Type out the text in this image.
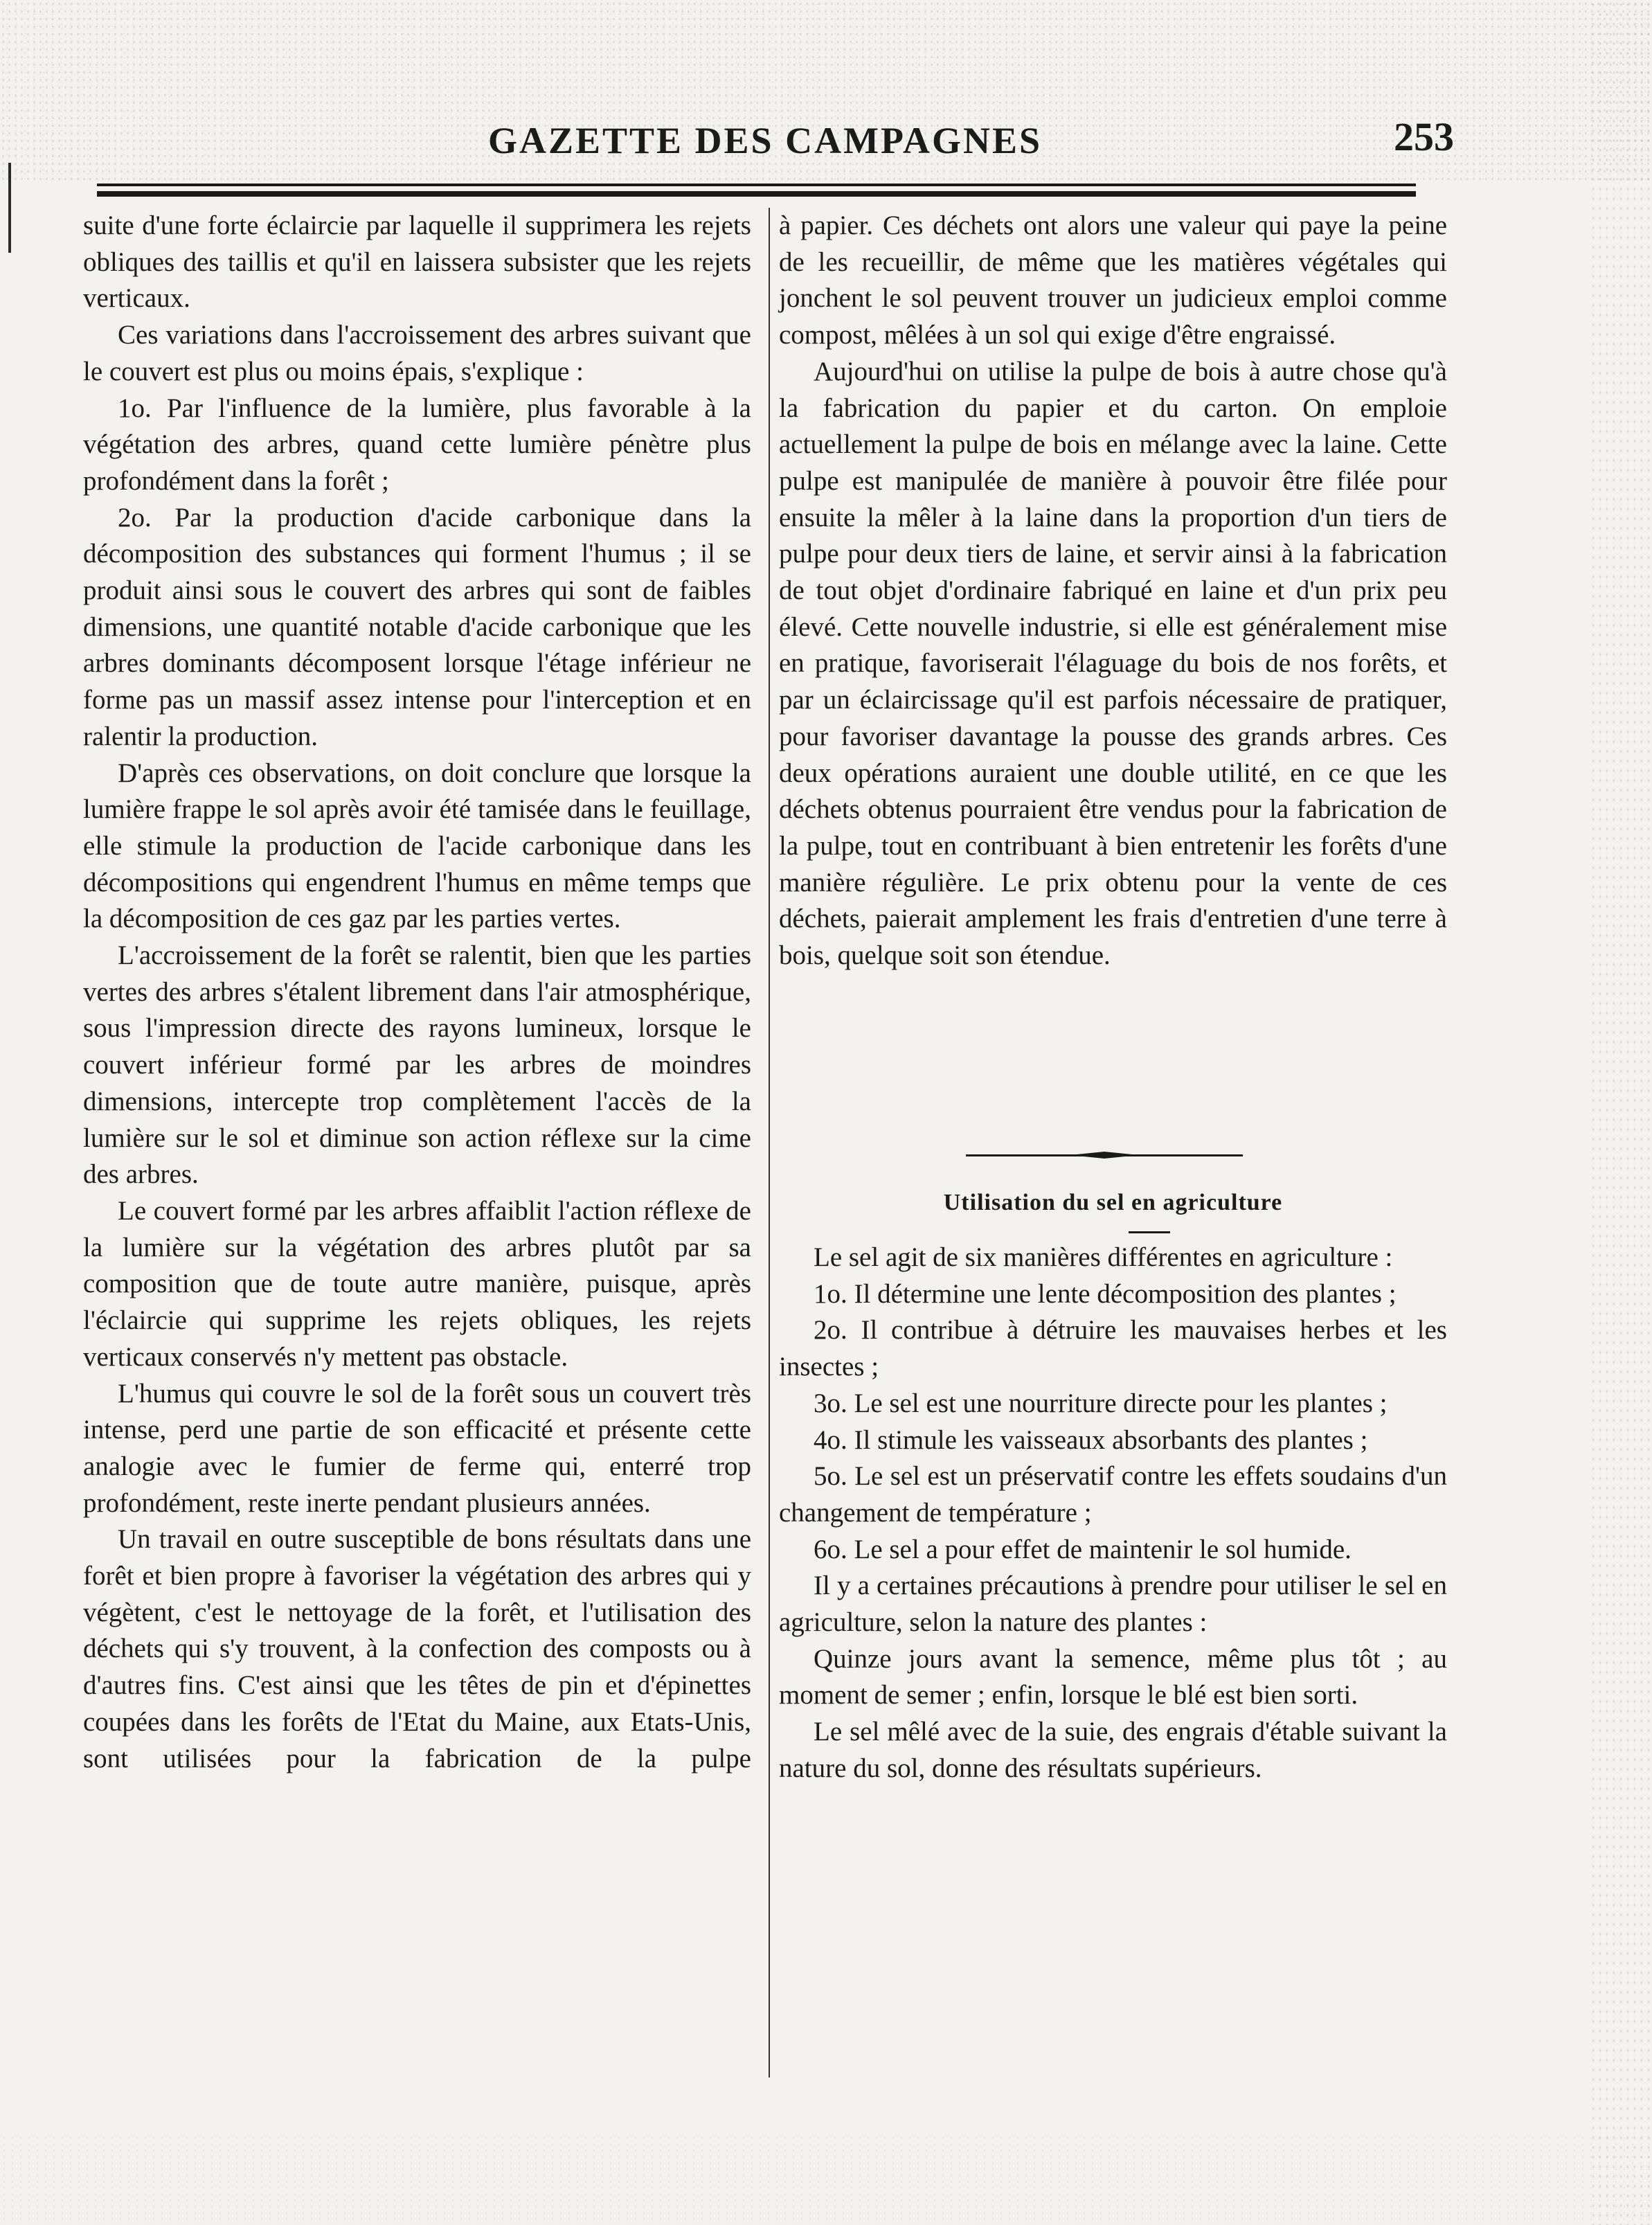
GAZETTE DES CAMPAGNES	253

suite d'une forte éclaircie par laquelle il supprimera les rejets obliques des taillis et qu'il en laissera subsister que les rejets verticaux.

Ces variations dans l'accroissement des arbres suivant que le couvert est plus ou moins épais, s'explique :

1o. Par l'influence de la lumière, plus favorable à la végétation des arbres, quand cette lumière pénètre plus profondément dans la forêt ;

2o. Par la production d'acide carbonique dans la décomposition des substances qui forment l'humus ; il se produit ainsi sous le couvert des arbres qui sont de faibles dimensions, une quantité notable d'acide carbonique que les arbres dominants décomposent lorsque l'étage inférieur ne forme pas un massif assez intense pour l'interception et en ralentir la production.

D'après ces observations, on doit conclure que lorsque la lumière frappe le sol après avoir été tamisée dans le feuillage, elle stimule la production de l'acide carbonique dans les décompositions qui engendrent l'humus en même temps que la décomposition de ces gaz par les parties vertes.

L'accroissement de la forêt se ralentit, bien que les parties vertes des arbres s'étalent librement dans l'air atmosphérique, sous l'impression directe des rayons lumineux, lorsque le couvert inférieur formé par les arbres de moindres dimensions, intercepte trop complètement l'accès de la lumière sur le sol et diminue son action réflexe sur la cime des arbres.

Le couvert formé par les arbres affaiblit l'action réflexe de la lumière sur la végétation des arbres plutôt par sa composition que de toute autre manière, puisque, après l'éclaircie qui supprime les rejets obliques, les rejets verticaux conservés n'y mettent pas obstacle.

L'humus qui couvre le sol de la forêt sous un couvert très intense, perd une partie de son efficacité et présente cette analogie avec le fumier de ferme qui, enterré trop profondément, reste inerte pendant plusieurs années.

Un travail en outre susceptible de bons résultats dans une forêt et bien propre à favoriser la végétation des arbres qui y végètent, c'est le nettoyage de la forêt, et l'utilisation des déchets qui s'y trouvent, à la confection des composts ou à d'autres fins. C'est ainsi que les têtes de pin et d'épinettes coupées dans les forêts de l'Etat du Maine, aux Etats-Unis, sont utilisées pour la fabrication de la pulpe

à papier. Ces déchets ont alors une valeur qui paye la peine de les recueillir, de même que les matières végétales qui jonchent le sol peuvent trouver un judicieux emploi comme compost, mêlées à un sol qui exige d'être engraissé.

Aujourd'hui on utilise la pulpe de bois à autre chose qu'à la fabrication du papier et du carton. On emploie actuellement la pulpe de bois en mélange avec la laine. Cette pulpe est manipulée de manière à pouvoir être filée pour ensuite la mêler à la laine dans la proportion d'un tiers de pulpe pour deux tiers de laine, et servir ainsi à la fabrication de tout objet d'ordinaire fabriqué en laine et d'un prix peu élevé. Cette nouvelle industrie, si elle est généralement mise en pratique, favoriserait l'élaguage du bois de nos forêts, et par un éclaircissage qu'il est parfois nécessaire de pratiquer, pour favoriser davantage la pousse des grands arbres. Ces deux opérations auraient une double utilité, en ce que les déchets obtenus pourraient être vendus pour la fabrication de la pulpe, tout en contribuant à bien entretenir les forêts d'une manière régulière. Le prix obtenu pour la vente de ces déchets, paierait amplement les frais d'entretien d'une terre à bois, quelque soit son étendue.

Utilisation du sel en agriculture

Le sel agit de six manières différentes en agriculture :

1o. Il détermine une lente décomposition des plantes ;

2o. Il contribue à détruire les mauvaises herbes et les insectes ;

3o. Le sel est une nourriture directe pour les plantes ;

4o. Il stimule les vaisseaux absorbants des plantes ;

5o. Le sel est un préservatif contre les effets soudains d'un changement de température ;

6o. Le sel a pour effet de maintenir le sol humide.

Il y a certaines précautions à prendre pour utiliser le sel en agriculture, selon la nature des plantes :

Quinze jours avant la semence, même plus tôt ; au moment de semer ; enfin, lorsque le blé est bien sorti.

Le sel mêlé avec de la suie, des engrais d'étable suivant la nature du sol, donne des résultats supérieurs.
